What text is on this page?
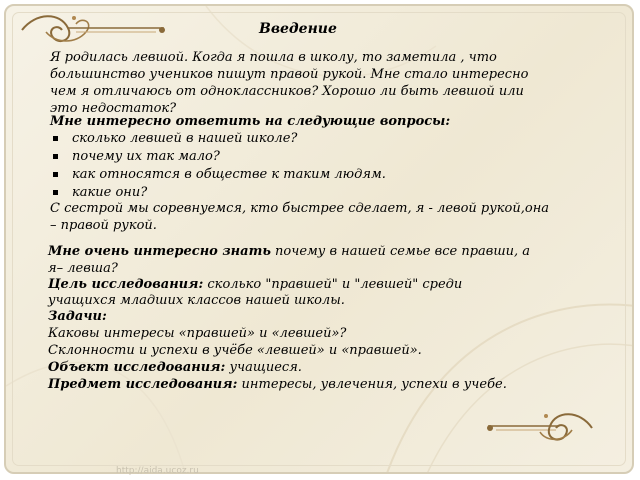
Введение
Я родилась левшой. Когда я пошла в школу, то заметила , что
большинство учеников пишут правой рукой. Мне стало интересно
чем я отличаюсь от одноклассников? Хорошо ли быть левшой или
это недостаток?
Мне интересно ответить на следующие вопросы:
сколько левшей в нашей школе?
почему их так мало?
как относятся в обществе к таким людям.
какие они?
С сестрой мы соревнуемся, кто быстрее сделает, я - левой рукой,она
– правой рукой.
Мне очень интересно знать почему в нашей семье все правши, а
я– левша?
Цель исследования: сколько "правшей" и "левшей" среди
учащихся младших классов нашей школы.
Задачи:
Каковы интересы «правшей» и «левшей»?
Склонности и успехи в учёбе «левшей» и «правшей».
Объект исследования: учащиеся.
Предмет исследования: интересы, увлечения, успехи в учебе.
http://aida.ucoz.ru
